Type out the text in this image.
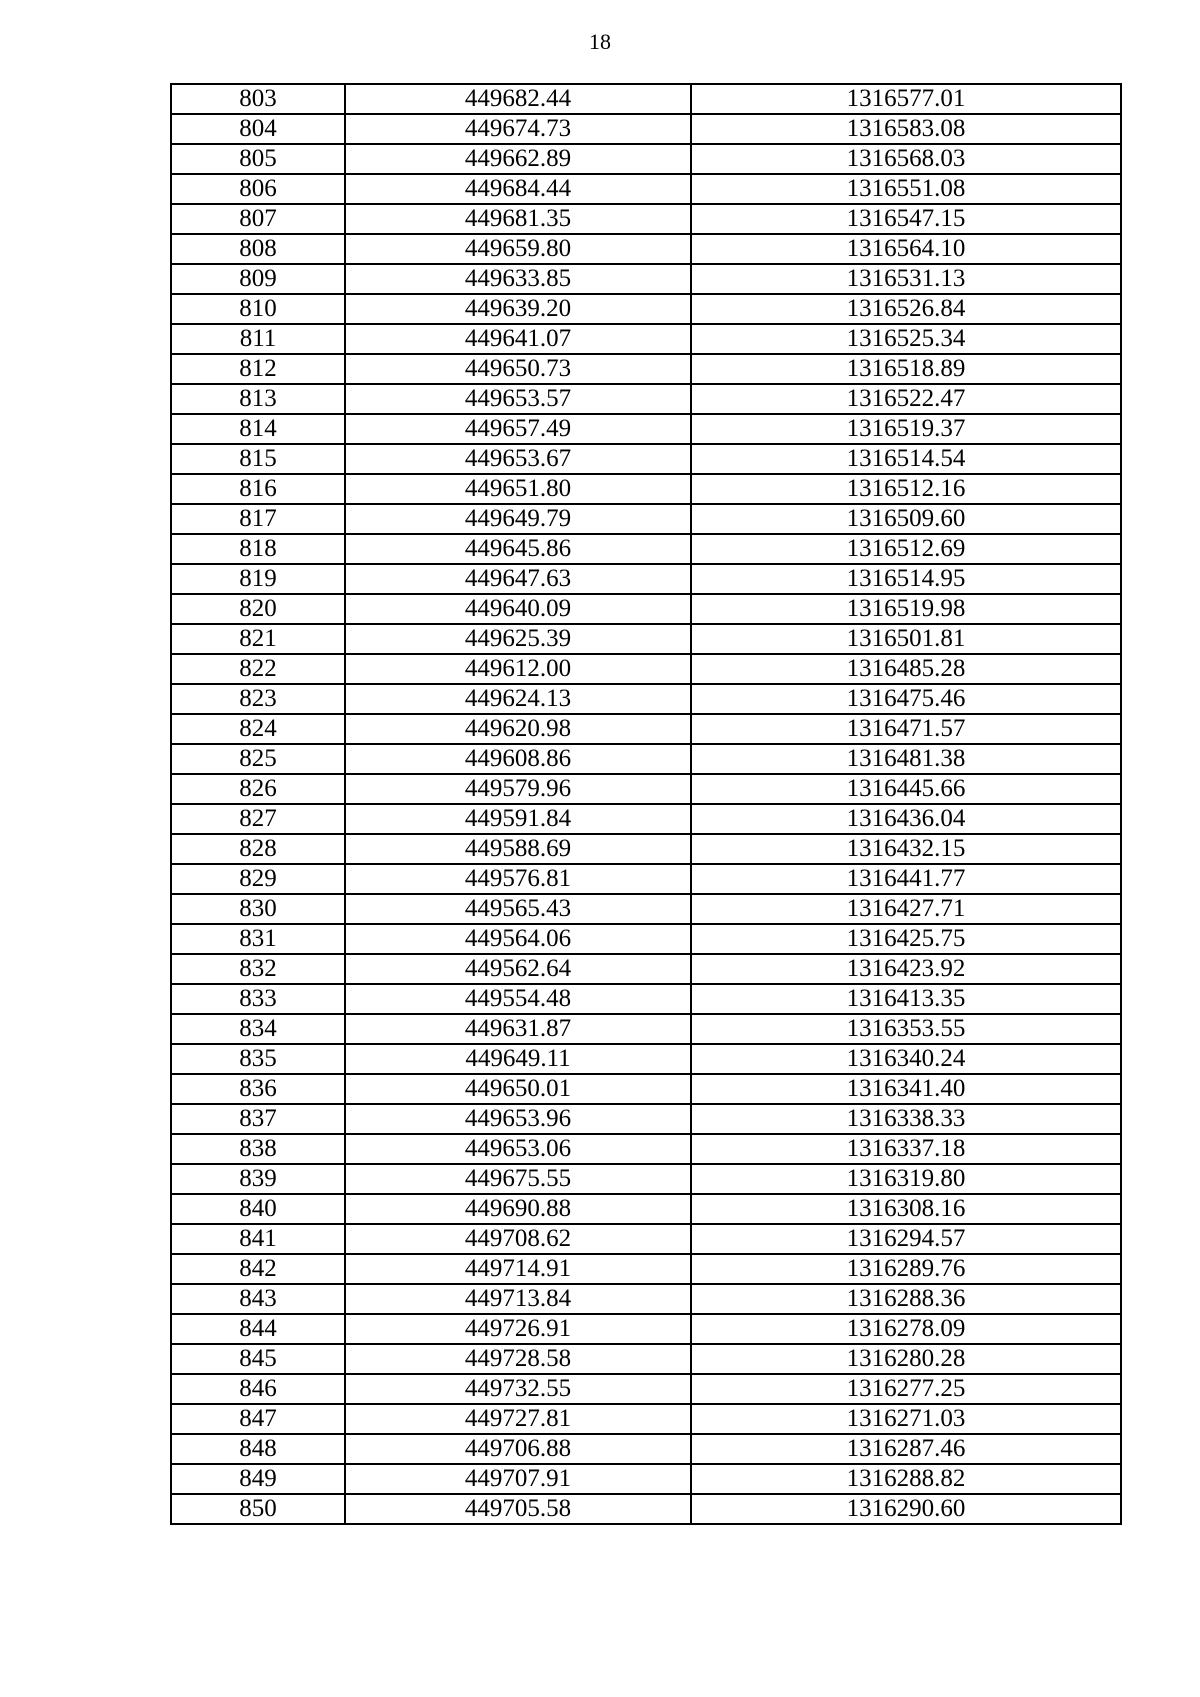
18
803	449682.44	1316577.01
804	449674.73	1316583.08
805	449662.89	1316568.03
806	449684.44	1316551.08
807	449681.35	1316547.15
808	449659.80	1316564.10
809	449633.85	1316531.13
810	449639.20	1316526.84
811	449641.07	1316525.34
812	449650.73	1316518.89
813	449653.57	1316522.47
814	449657.49	1316519.37
815	449653.67	1316514.54
816	449651.80	1316512.16
817	449649.79	1316509.60
818	449645.86	1316512.69
819	449647.63	1316514.95
820	449640.09	1316519.98
821	449625.39	1316501.81
822	449612.00	1316485.28
823	449624.13	1316475.46
824	449620.98	1316471.57
825	449608.86	1316481.38
826	449579.96	1316445.66
827	449591.84	1316436.04
828	449588.69	1316432.15
829	449576.81	1316441.77
830	449565.43	1316427.71
831	449564.06	1316425.75
832	449562.64	1316423.92
833	449554.48	1316413.35
834	449631.87	1316353.55
835	449649.11	1316340.24
836	449650.01	1316341.40
837	449653.96	1316338.33
838	449653.06	1316337.18
839	449675.55	1316319.80
840	449690.88	1316308.16
841	449708.62	1316294.57
842	449714.91	1316289.76
843	449713.84	1316288.36
844	449726.91	1316278.09
845	449728.58	1316280.28
846	449732.55	1316277.25
847	449727.81	1316271.03
848	449706.88	1316287.46
849	449707.91	1316288.82
850	449705.58	1316290.60
